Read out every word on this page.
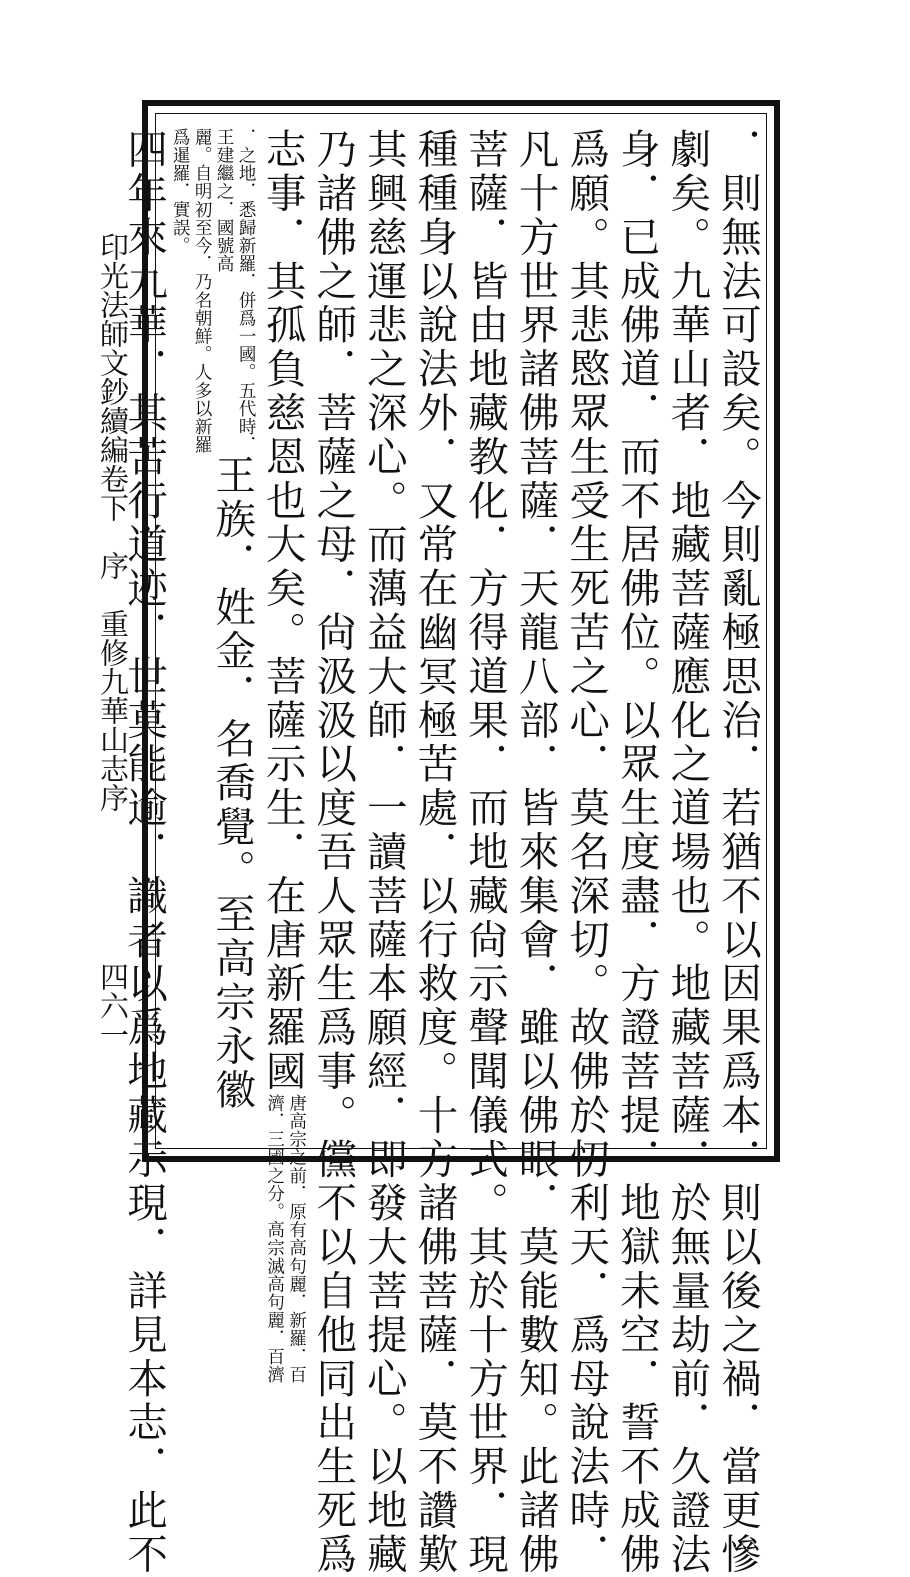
印光法師文鈔續編卷下　序　重修九華山志序
四六一	．則無法可設矣。今則亂極思治．若猶不以因果爲本．則以後之禍．當更慘

劇矣。九華山者．地藏菩薩應化之道場也。地藏菩薩．於無量劫前．久證法

身．已成佛道．而不居佛位。以眾生度盡．方證菩提．地獄未空．誓不成佛

爲願。其悲愍眾生受生死苦之心．莫名深切。故佛於忉利天．爲母說法時．

凡十方世界諸佛菩薩．天龍八部．皆來集會．雖以佛眼．莫能數知。此諸佛

菩薩．皆由地藏教化．方得道果．而地藏尙示聲聞儀式。其於十方世界．現

種種身以說法外．又常在幽冥極苦處．以行救度。十方諸佛菩薩．莫不讚歎

其興慈運悲之深心。而蕅益大師．一讀菩薩本願經．即發大菩提心。以地藏

乃諸佛之師．菩薩之母．尙汲汲以度吾人眾生爲事。儻不以自他同出生死爲

志事．其孤負慈恩也大矣。菩薩示生．在唐新羅國
唐高宗之前．原有高句麗．新羅．百
濟．三國之分。高宗滅高句麗．百濟

．之地．悉歸新羅．併爲一國。五代時．王建繼之．國號高
麗。自明初至今．乃名朝鮮。人多以新羅爲暹羅．實誤。
王族．姓金．名喬覺。至高宗永徽

四年來九華．其苦行道迹．世莫能逾．識者以爲地藏示現．詳見本志．此不
